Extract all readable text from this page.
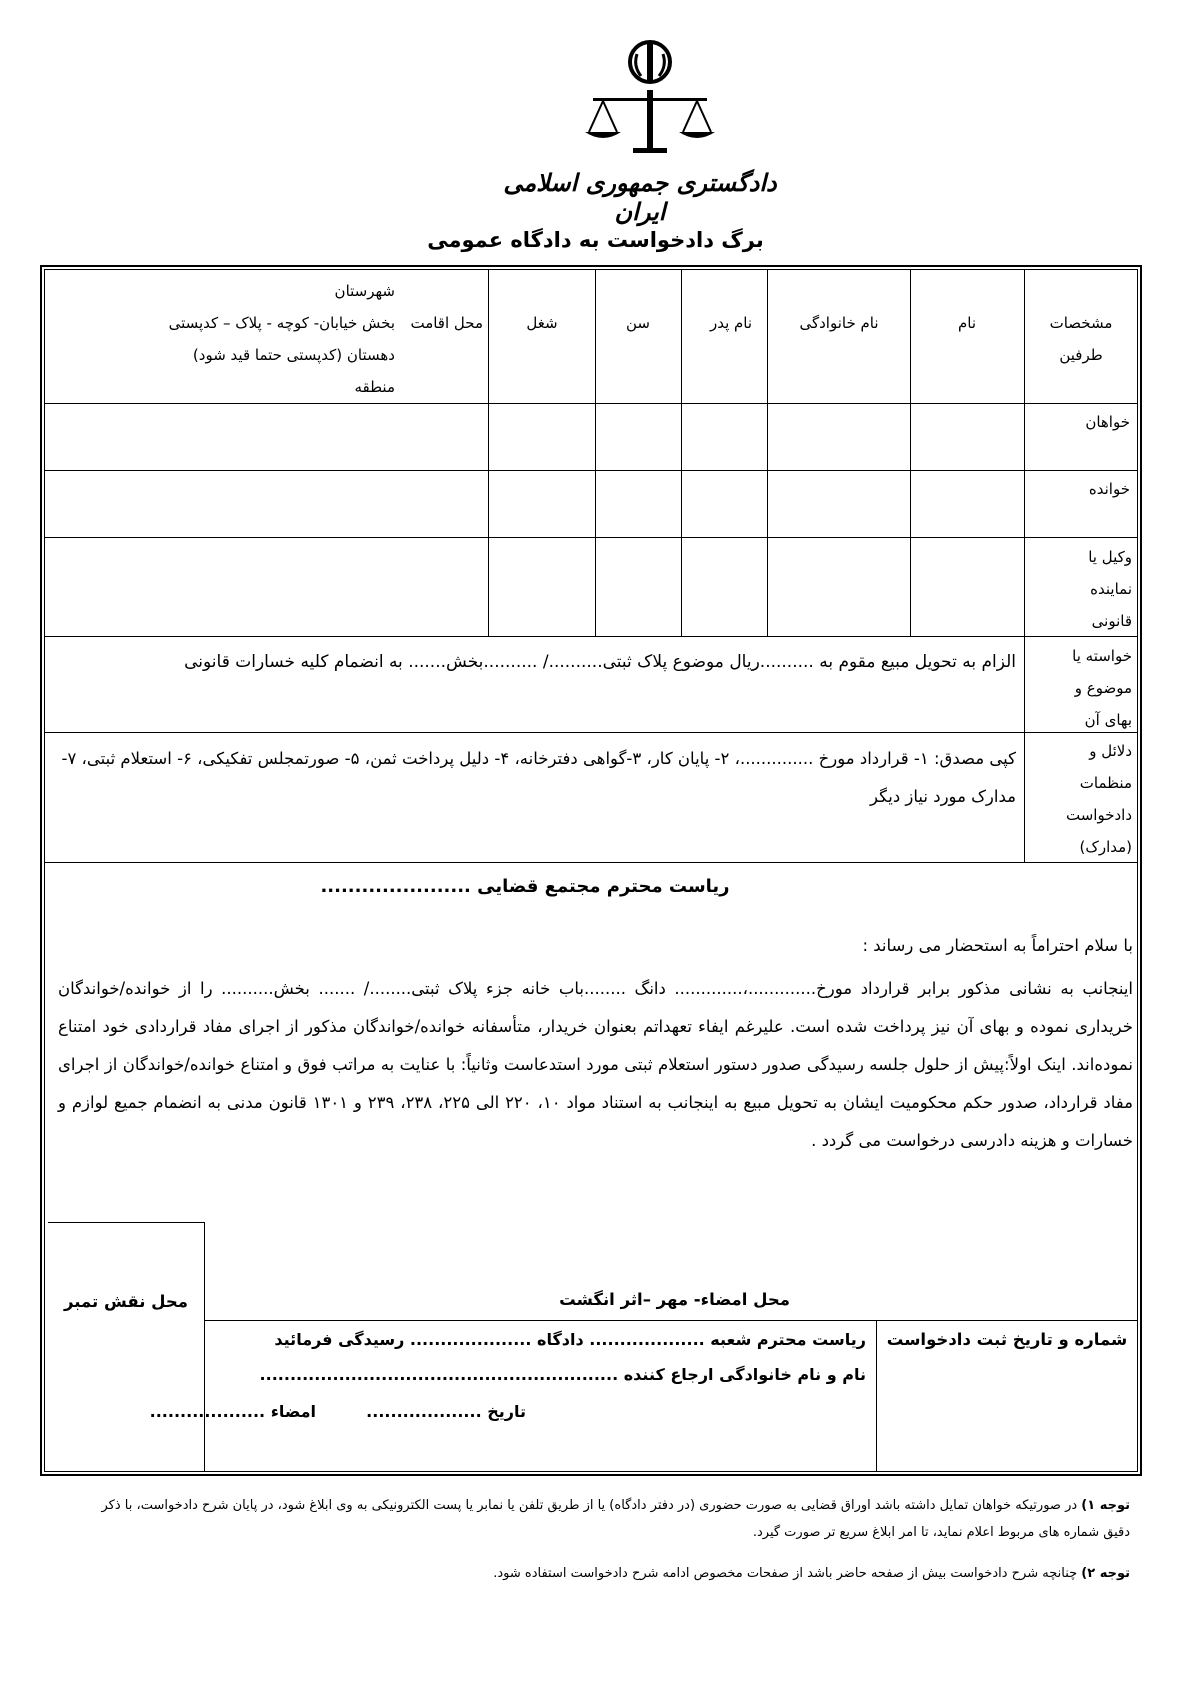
دادگستری جمهوری اسلامی ایران
برگ دادخواست به دادگاه عمومی
مشخصات طرفین
نام
نام خانوادگی
نام پدر
سن
شغل
محل اقامت
شهرستان
بخش خیابان- کوچه - پلاک – کدپستی
دهستان (کدپستی حتما قید شود)
منطقه
خواهان
خوانده
وکیل یا نماینده قانونی
خواسته یا موضوع و بهای آن
الزام به تحویل مبیع مقوم به ..........ریال موضوع پلاک ثبتی........../ ..........بخش....... به انضمام کلیه خسارات قانونی
دلائل و منظمات دادخواست (مدارک)
کپی مصدق: ١- قرارداد مورخ ..............، ٢- پایان کار، ٣-گواهی دفترخانه، ۴- دلیل پرداخت ثمن، ۵- صورتمجلس تفکیکی، ۶- استعلام ثبتی، ٧- مدارک مورد نیاز دیگر
ریاست محترم مجتمع قضایی ......................
با سلام احتراماً به استحضار می رساند :
اینجانب به نشانی مذکور برابر قرارداد مورخ.............،............. دانگ ........باب خانه جزء پلاک ثبتی......../ ....... بخش.......... را از خوانده/خواندگان خریداری نموده و بهای آن نیز پرداخت شده است. علیرغم ایفاء تعهداتم بعنوان خریدار، متأسفانه خوانده/خواندگان مذکور از اجرای مفاد قراردادی خود امتناع نموده‌اند. اینک اولاً:پیش از حلول جلسه رسیدگی صدور دستور استعلام ثبتی مورد استدعاست وثانیاً: با عنایت به مراتب فوق و امتناع خوانده/خواندگان از اجرای مفاد قرارداد، صدور حکم محکومیت ایشان به تحویل مبیع به اینجانب به استناد مواد ١٠، ٢٢٠ الی ٢٢۵، ٢٣٨، ٢٣٩ و ١٣٠١ قانون مدنی به انضمام جمیع لوازم و خسارات و هزینه دادرسی درخواست می گردد .
محل نقش تمبر	محل امضاء- مهر –اثر انگشت
شماره و تاریخ ثبت دادخواست
ریاست محترم شعبه ................... دادگاه .................... رسیدگی فرمائید
نام و نام خانوادگی ارجاع کننده ...........................................................
تاریخ ...................         امضاء ...................
توجه ١) در صورتیکه خواهان تمایل داشته باشد اوراق قضایی به صورت حضوری (در دفتر دادگاه) یا از طریق تلفن یا نمابر یا پست الکترونیکی به وی ابلاغ شود، در پایان شرح دادخواست، با ذکر دقیق شماره های مربوط اعلام نماید، تا امر ابلاغ سریع تر صورت گیرد.
توجه ٢) چنانچه شرح دادخواست بیش از صفحه حاضر باشد از صفحات مخصوص ادامه شرح دادخواست استفاده شود.
